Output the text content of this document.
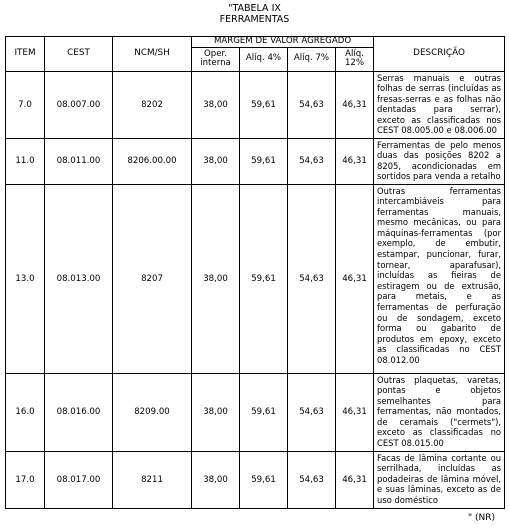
"TABELA IX
FERRAMENTAS
ITEM	CEST	NCM/SH	MARGEM DE VALOR AGREGADO				DESCRIÇÃO
			Oper. interna	Alíq. 4%	Alíq. 7%	Alíq. 12%	
7.0	08.007.00	8202	38,00	59,61	54,63	46,31	Serras manuais e outras folhas de serras (incluídas as fresas-serras e as folhas não dentadas para serrar), exceto as classificadas nos CEST 08.005.00 e 08.006.00
11.0	08.011.00	8206.00.00	38,00	59,61	54,63	46,31	Ferramentas de pelo menos duas das posições 8202 a 8205, acondicionadas em sortidos para venda a retalho
13.0	08.013.00	8207	38,00	59,61	54,63	46,31	Outras ferramentas intercambiáveis para ferramentas manuais, mesmo mecânicas, ou para máquinas-ferramentas (por exemplo, de embutir, estampar, puncionar, furar, tornear, aparafusar), incluídas as fieiras de estiragem ou de extrusão, para metais, e as ferramentas de perfuração ou de sondagem, exceto forma ou gabarito de produtos em epoxy, exceto as classificadas no CEST 08.012.00
16.0	08.016.00	8209.00	38,00	59,61	54,63	46,31	Outras plaquetas, varetas, pontas e objetos semelhantes para ferramentas, não montados, de ceramais ("cermets"), exceto as classificadas no CEST 08.015.00
17.0	08.017.00	8211	38,00	59,61	54,63	46,31	Facas de lâmina cortante ou serrilhada, incluídas as podadeiras de lâmina móvel, e suas lâminas, exceto as de uso doméstico
" (NR)
